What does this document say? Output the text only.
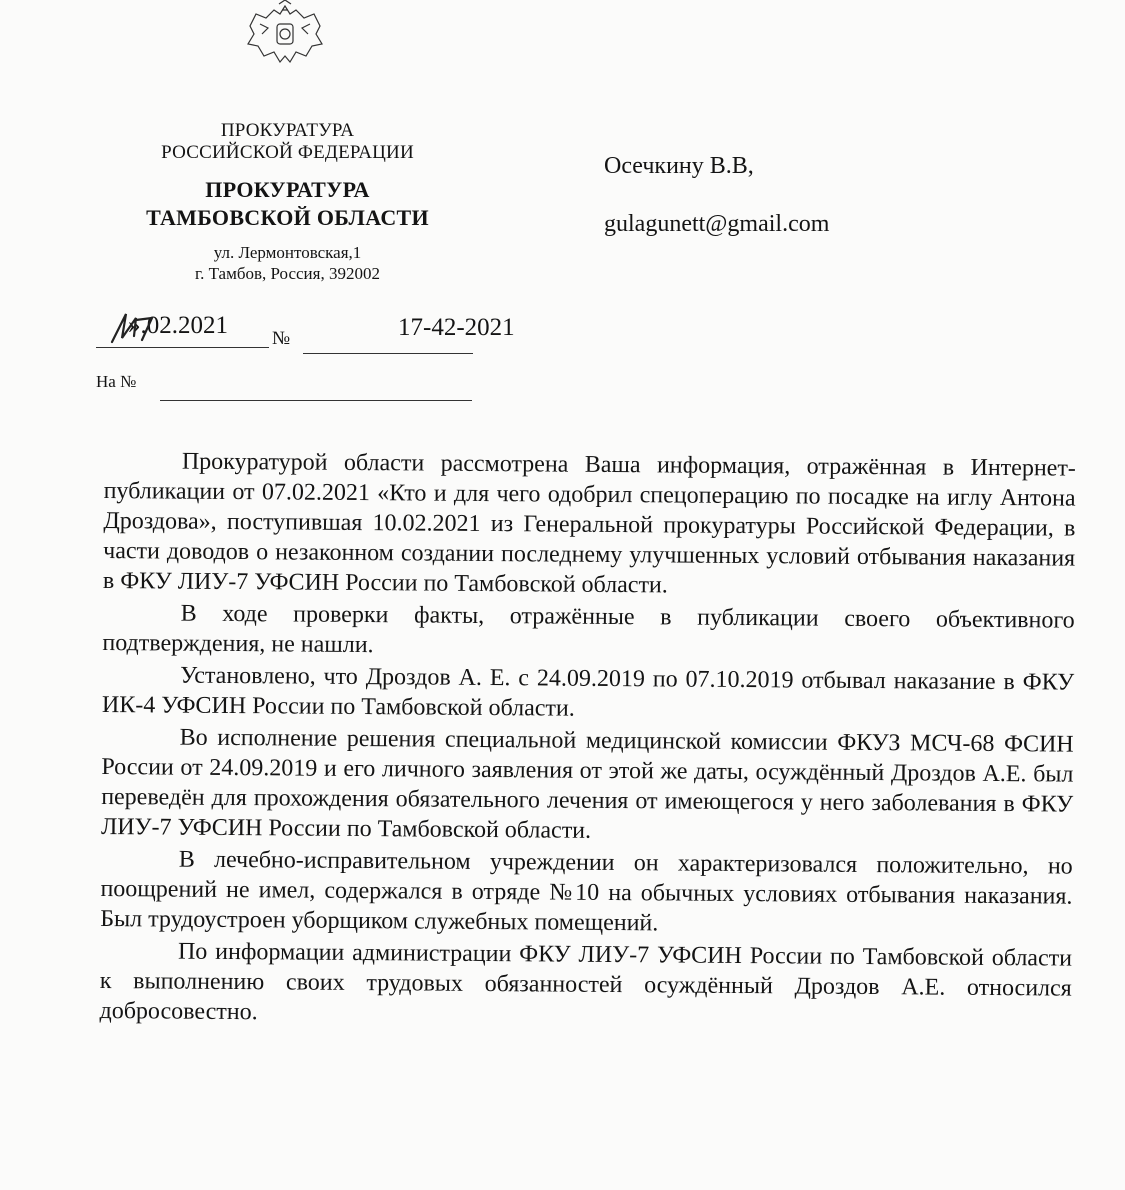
ПРОКУРАТУРА
РОССИЙСКОЙ ФЕДЕРАЦИИ
ПРОКУРАТУРА
ТАМБОВСКОЙ ОБЛАСТИ
ул. Лермонтовская,1
г. Тамбов, Россия, 392002
Осечкину В.В,
gulagunett@gmail.com
».02.2021 №	17-42-2021
На №

Прокуратурой области рассмотрена Ваша информация, отражённая в Интернет-публикации от 07.02.2021 «Кто и для чего одобрил спецоперацию по посадке на иглу Антона Дроздова», поступившая 10.02.2021 из Генеральной прокуратуры Российской Федерации, в части доводов о незаконном создании последнему улучшенных условий отбывания наказания в ФКУ ЛИУ-7 УФСИН России по Тамбовской области.

В ходе проверки факты, отражённые в публикации своего объективного подтверждения, не нашли.

Установлено, что Дроздов А. Е. с 24.09.2019 по 07.10.2019 отбывал наказание в ФКУ ИК-4 УФСИН России по Тамбовской области.

Во исполнение решения специальной медицинской комиссии ФКУЗ МСЧ-68 ФСИН России от 24.09.2019 и его личного заявления от этой же даты, осуждённый Дроздов А.Е. был переведён для прохождения обязательного лечения от имеющегося у него заболевания в ФКУ ЛИУ-7 УФСИН России по Тамбовской области.

В лечебно-исправительном учреждении он характеризовался положительно, но поощрений не имел, содержался в отряде №10 на обычных условиях отбывания наказания. Был трудоустроен уборщиком служебных помещений.

По информации администрации ФКУ ЛИУ-7 УФСИН России по Тамбовской области к выполнению своих трудовых обязанностей осуждённый Дроздов А.Е. относился добросовестно.
